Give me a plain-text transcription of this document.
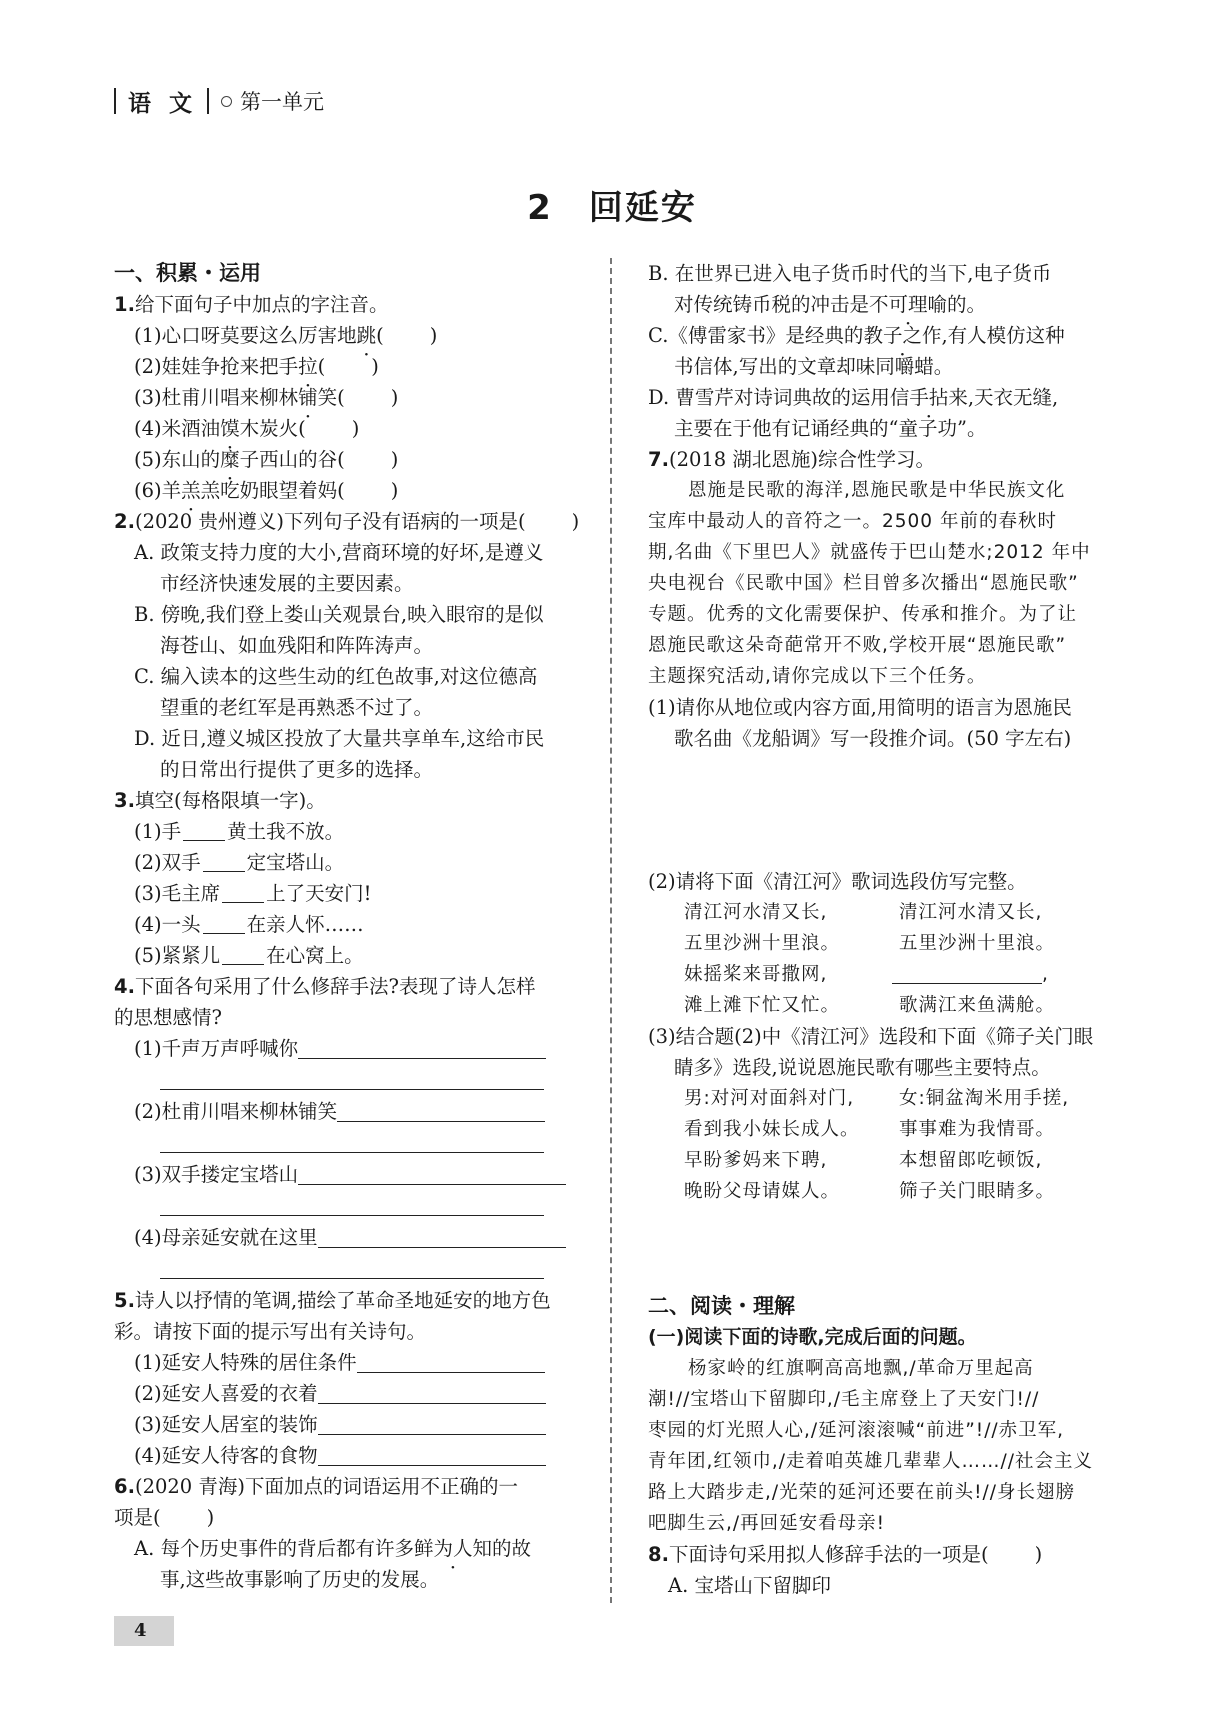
语 文 第一单元
2 回延安
一、积累・运用
1.给下面句子中加点的字注音。
(1)心口呀莫要这么厉害地跳( )
(2)娃娃争抢来把手拉( )
(3)杜甫川唱来柳林铺笑( )
(4)米酒油馍木炭火( )
(5)东山的糜子西山的谷( )
(6)羊羔羔吃奶眼望着妈( )
2.(2020 贵州遵义)下列句子没有语病的一项是( )
A. 政策支持力度的大小,营商环境的好坏,是遵义
市经济快速发展的主要因素。
B. 傍晚,我们登上娄山关观景台,映入眼帘的是似
海苍山、如血残阳和阵阵涛声。
C. 编入读本的这些生动的红色故事,对这位德高
望重的老红军是再熟悉不过了。
D. 近日,遵义城区投放了大量共享单车,这给市民
的日常出行提供了更多的选择。
3.填空(每格限填一字)。
(1)手 黄土我不放。
(2)双手 定宝塔山。
(3)毛主席 上了天安门!
(4)一头 在亲人怀……
(5)紧紧儿 在心窝上。
4.下面各句采用了什么修辞手法?表现了诗人怎样
的思想感情?
(1)千声万声呼喊你
(2)杜甫川唱来柳林铺笑
(3)双手搂定宝塔山
(4)母亲延安就在这里
5.诗人以抒情的笔调,描绘了革命圣地延安的地方色
彩。请按下面的提示写出有关诗句。
(1)延安人特殊的居住条件
(2)延安人喜爱的衣着
(3)延安人居室的装饰
(4)延安人待客的食物
6.(2020 青海)下面加点的词语运用不正确的一
项是( )
A. 每个历史事件的背后都有许多鲜为人知的故
事,这些故事影响了历史的发展。
B. 在世界已进入电子货币时代的当下,电子货币
对传统铸币税的冲击是不可理喻的。
C.《傅雷家书》是经典的教子之作,有人模仿这种
书信体,写出的文章却味同嚼蜡。
D. 曹雪芹对诗词典故的运用信手拈来,天衣无缝,
主要在于他有记诵经典的“童子功”。
7.(2018 湖北恩施)综合性学习。
恩施是民歌的海洋,恩施民歌是中华民族文化
宝库中最动人的音符之一。2500 年前的春秋时
期,名曲《下里巴人》就盛传于巴山楚水;2012 年中
央电视台《民歌中国》栏目曾多次播出“恩施民歌”
专题。优秀的文化需要保护、传承和推介。为了让
恩施民歌这朵奇葩常开不败,学校开展“恩施民歌”
主题探究活动,请你完成以下三个任务。
(1)请你从地位或内容方面,用简明的语言为恩施民
歌名曲《龙船调》写一段推介词。(50 字左右)
(2)请将下面《清江河》歌词选段仿写完整。
清江河水清又长,	清江河水清又长,
五里沙洲十里浪。	五里沙洲十里浪。
妹摇桨来哥撒网,	,
滩上滩下忙又忙。	歌满江来鱼满舱。
(3)结合题(2)中《清江河》选段和下面《筛子关门眼
睛多》选段,说说恩施民歌有哪些主要特点。
男:对河对面斜对门,	女:铜盆淘米用手搓,
看到我小妹长成人。	事事难为我情哥。
早盼爹妈来下聘,	本想留郎吃顿饭,
晚盼父母请媒人。	筛子关门眼睛多。
二、阅读・理解
(一)阅读下面的诗歌,完成后面的问题。
杨家岭的红旗啊高高地飘,/革命万里起高
潮!//宝塔山下留脚印,/毛主席登上了天安门!//
枣园的灯光照人心,/延河滚滚喊“前进”!//赤卫军,
青年团,红领巾,/走着咱英雄几辈辈人……//社会主义
路上大踏步走,/光荣的延河还要在前头!//身长翅膀
吧脚生云,/再回延安看母亲!
8.下面诗句采用拟人修辞手法的一项是( )
A. 宝塔山下留脚印
4
